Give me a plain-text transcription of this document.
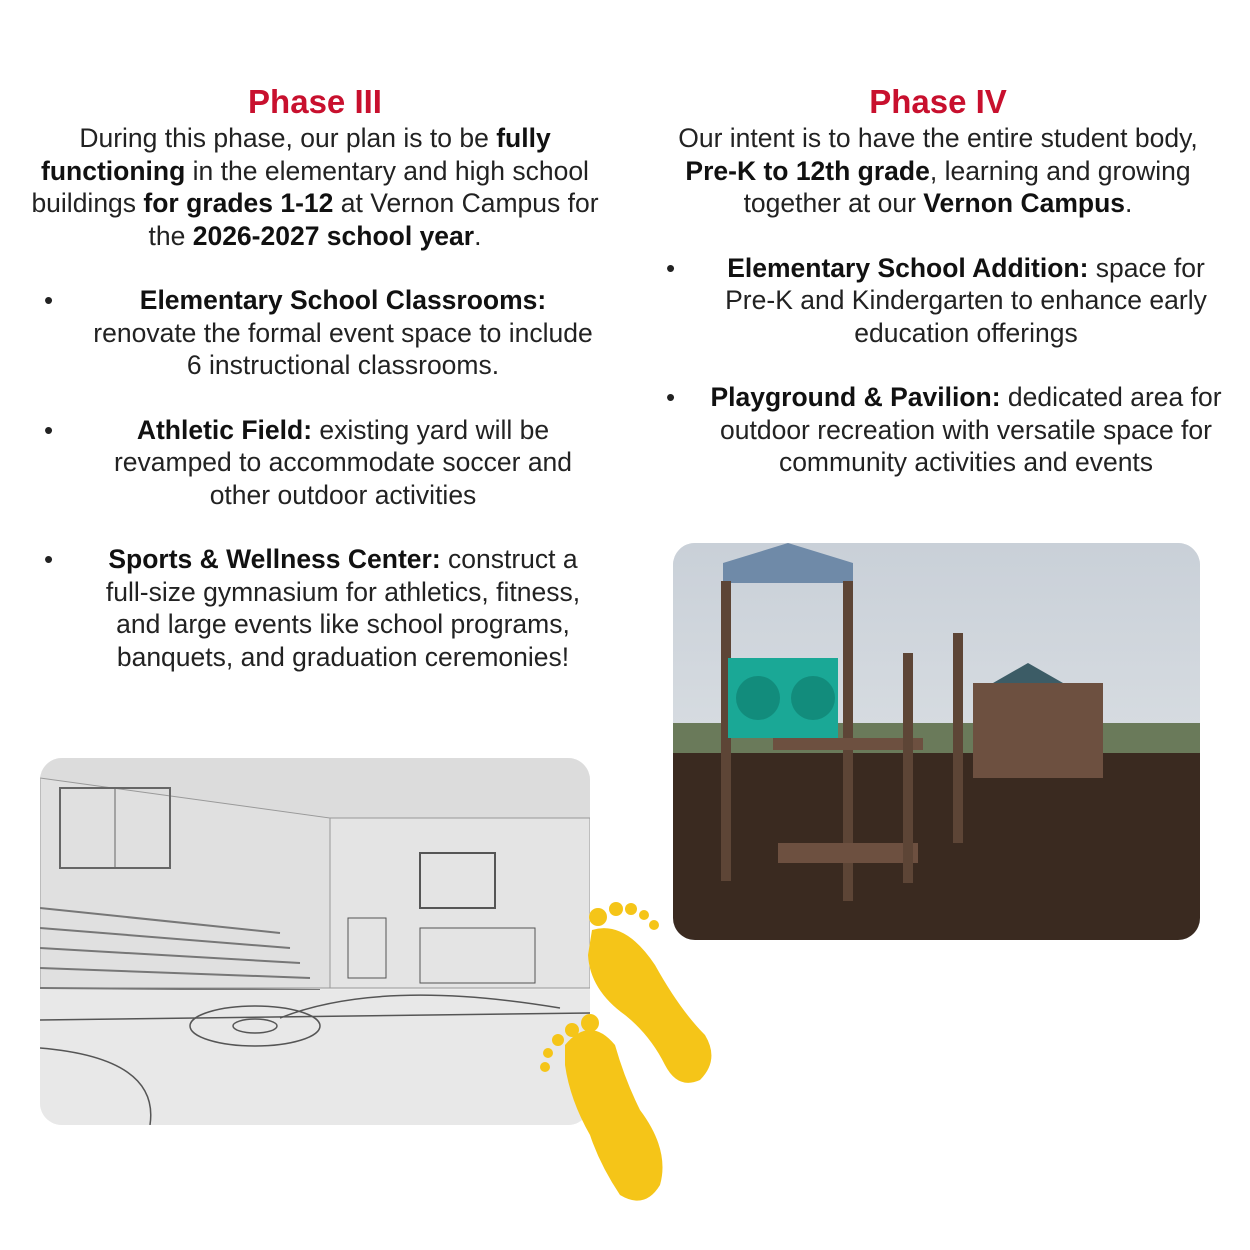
Phase III

During this phase, our plan is to be fully functioning in the elementary and high school buildings for grades 1-12 at Vernon Campus for the 2026-2027 school year.

•	Elementary School Classrooms: renovate the formal event space to include 6 instructional classrooms.
•	Athletic Field: existing yard will be revamped to accommodate soccer and other outdoor activities
• Sports & Wellness Center: construct a full-size gymnasium for athletics, fitness, and large events like school programs, banquets, and graduation ceremonies!
Phase IV

Our intent is to have the entire student body, Pre-K to 12th grade, learning and growing together at our Vernon Campus.

• Elementary School Addition: space for Pre-K and Kindergarten to enhance early education offerings
• Playground & Pavilion: dedicated area for outdoor recreation with versatile space for community activities and events
